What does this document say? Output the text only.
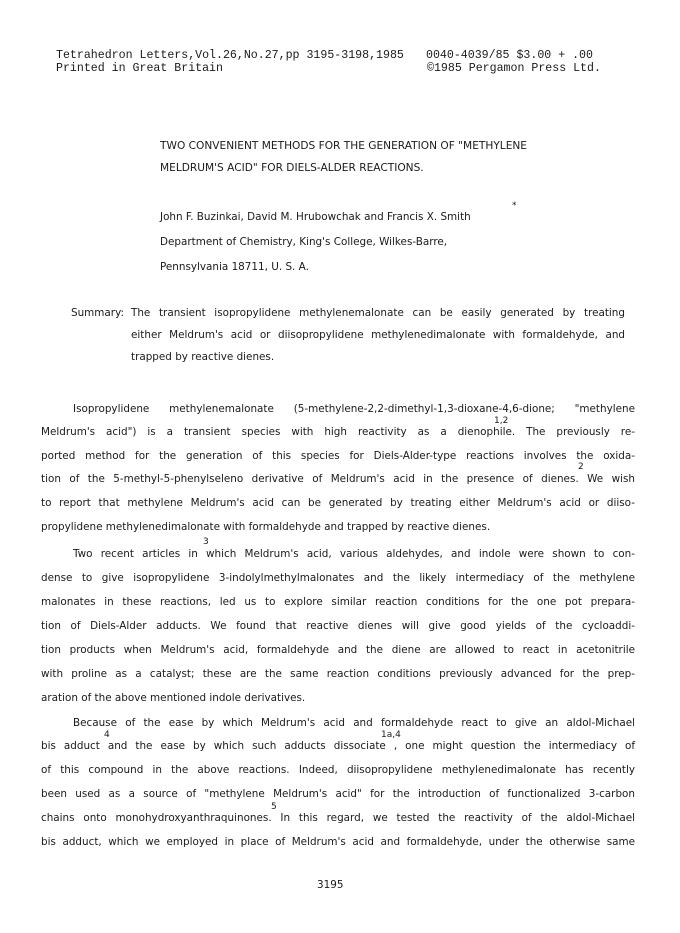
Tetrahedron Letters,Vol.26,No.27,pp 3195-3198,1985 0040-4039/85 $3.00 + .00
Printed in Great Britain	©1985 Pergamon Press Ltd.
TWO CONVENIENT METHODS FOR THE GENERATION OF "METHYLENE
MELDRUM'S ACID" FOR DIELS-ALDER REACTIONS.
*
John F. Buzinkai, David M. Hrubowchak and Francis X. Smith
Department of Chemistry, King's College, Wilkes-Barre,
Pennsylvania 18711, U. S. A.
Summary: The transient isopropylidene methylenemalonate can be easily generated by treating
either Meldrum's acid or diisopropylidene methylenedimalonate with formaldehyde, and
trapped by reactive dienes.
Isopropylidene methylenemalonate (5-methylene-2,2-dimethyl-1,3-dioxane-4,6-dione; "methylene
1,2
Meldrum's acid") is a transient species with high reactivity as a dienophile. The previously re-
ported method for the generation of this species for Diels-Alder-type reactions involves the oxida-
2
tion of the 5-methyl-5-phenylseleno derivative of Meldrum's acid in the presence of dienes. We wish
to report that methylene Meldrum's acid can be generated by treating either Meldrum's acid or diiso-
propylidene methylenedimalonate with formaldehyde and trapped by reactive dienes.
3
Two recent articles in which Meldrum's acid, various aldehydes, and indole were shown to con-
dense to give isopropylidene 3-indolylmethylmalonates and the likely intermediacy of the methylene
malonates in these reactions, led us to explore similar reaction conditions for the one pot prepara-
tion of Diels-Alder adducts. We found that reactive dienes will give good yields of the cycloaddi-
tion products when Meldrum's acid, formaldehyde and the diene are allowed to react in acetonitrile
with proline as a catalyst; these are the same reaction conditions previously advanced for the prep-
aration of the above mentioned indole derivatives.
Because of the ease by which Meldrum's acid and formaldehyde react to give an aldol-Michael
4	1a,4
bis adduct and the ease by which such adducts dissociate , one might question the intermediacy of
of this compound in the above reactions. Indeed, diisopropylidene methylenedimalonate has recently
been used as a source of "methylene Meldrum's acid" for the introduction of functionalized 3-carbon
5
chains onto monohydroxyanthraquinones. In this regard, we tested the reactivity of the aldol-Michael
bis adduct, which we employed in place of Meldrum's acid and formaldehyde, under the otherwise same
3195
